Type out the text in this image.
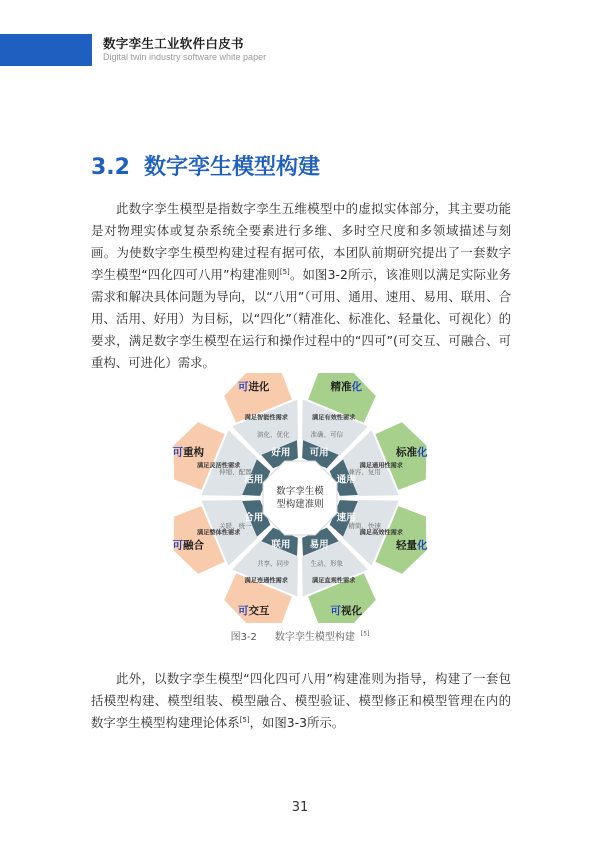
数字孪生工业软件白皮书
Digital twin industry software white paper
3.2 数字孪生模型构建
此数字孪生模型是指数字孪生五维模型中的虚拟实体部分，其主要功能是对物理实体或复杂系统全要素进行多维、多时空尺度和多领域描述与刻画。为使数字孪生模型构建过程有据可依，本团队前期研究提出了一套数字孪生模型“四化四可八用”构建准则[5]。如图3-2所示，该准则以满足实际业务需求和解决具体问题为导向，以“八用”（可用、通用、速用、易用、联用、合用、活用、好用）为目标，以“四化”（精准化、标准化、轻量化、可视化）的要求，满足数字孪生模型在运行和操作过程中的“四可”(可交互、可融合、可重构、可进化）需求。
数字孪生模
型构建准则
可用
通用
速用
易用
联用
合用
活用
好用
准确、可信
兼容、复用
精简、快速
生动、形象
共享、同步
关联、统一
伸缩、配置
演化、优化
满足有效性需求
满足通用性需求
满足高效性需求
满足直观性需求
满足连通性需求
满足整体性需求
满足灵活性需求
满足智能性需求
精准化
标准化
轻量化
可视化
可交互
可融合
可重构
可进化
图3-2 数字孪生模型构建 [5]
此外，以数字孪生模型“四化四可八用”构建准则为指导，构建了一套包括模型构建、模型组装、模型融合、模型验证、模型修正和模型管理在内的数字孪生模型构建理论体系[5]，如图3-3所示。
31
